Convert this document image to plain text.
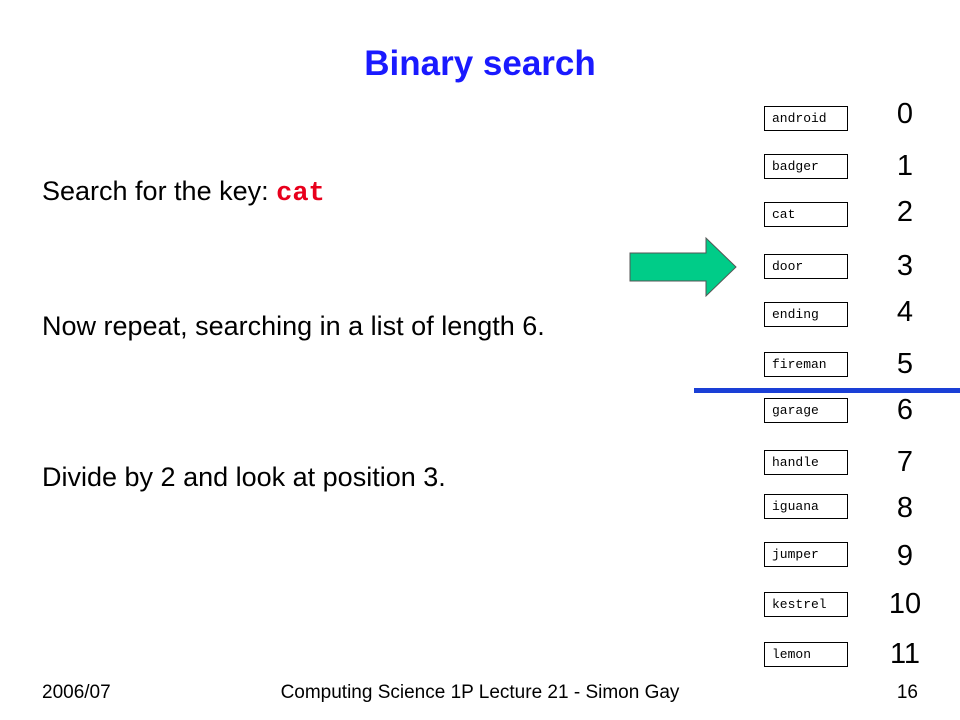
Binary search
Search for the key: cat
Now repeat, searching in a list of length 6.
Divide by 2 and look at position 3.
android
badger
cat
door
ending
fireman
garage
handle
iguana
jumper
kestrel
lemon
0
1
2
3
4
5
6
7
8
9
10
11
2006/07	Computing Science 1P Lecture 21 - Simon Gay	16
